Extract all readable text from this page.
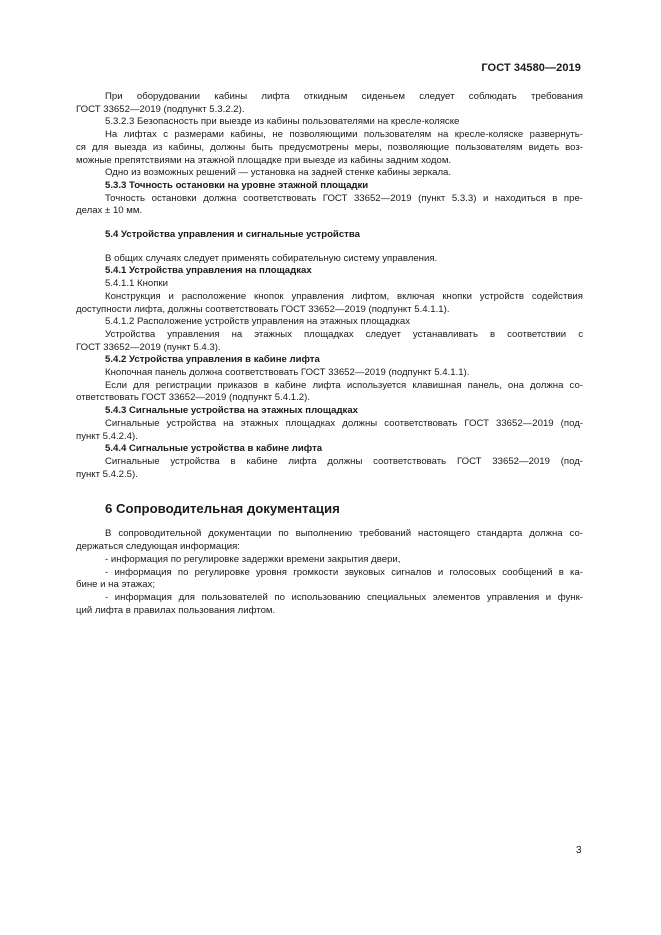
ГОСТ 34580—2019
При оборудовании кабины лифта откидным сиденьем следует соблюдать требования
ГОСТ 33652—2019 (подпункт 5.3.2.2).
5.3.2.3 Безопасность при выезде из кабины пользователями на кресле-коляске
На лифтах с размерами кабины, не позволяющими пользователям на кресле-коляске развернуть-
ся для выезда из кабины, должны быть предусмотрены меры, позволяющие пользователям видеть воз-
можные препятствиями на этажной площадке при выезде из кабины задним ходом.
Одно из возможных решений — установка на задней стенке кабины зеркала.
5.3.3 Точность остановки на уровне этажной площадки
Точность остановки должна соответствовать ГОСТ 33652—2019 (пункт 5.3.3) и находиться в пре-
делах ± 10 мм.
5.4 Устройства управления и сигнальные устройства
В общих случаях следует применять собирательную систему управления.
5.4.1 Устройства управления на площадках
5.4.1.1 Кнопки
Конструкция и расположение кнопок управления лифтом, включая кнопки устройств содействия
доступности лифта, должны соответствовать ГОСТ 33652—2019 (подпункт 5.4.1.1).
5.4.1.2 Расположение устройств управления на этажных площадках
Устройства управления на этажных площадках следует устанавливать в соответствии с
ГОСТ 33652—2019 (пункт 5.4.3).
5.4.2 Устройства управления в кабине лифта
Кнопочная панель должна соответствовать ГОСТ 33652—2019 (подпункт 5.4.1.1).
Если для регистрации приказов в кабине лифта используется клавишная панель, она должна со-
ответствовать ГОСТ 33652—2019 (подпункт 5.4.1.2).
5.4.3 Сигнальные устройства на этажных площадках
Сигнальные устройства на этажных площадках должны соответствовать ГОСТ 33652—2019 (под-
пункт 5.4.2.4).
5.4.4 Сигнальные устройства в кабине лифта
Сигнальные устройства в кабине лифта должны соответствовать ГОСТ 33652—2019 (под-
пункт 5.4.2.5).
6 Сопроводительная документация
В сопроводительной документации по выполнению требований настоящего стандарта должна со-
держаться следующая информация:
- информация по регулировке задержки времени закрытия двери,
- информация по регулировке уровня громкости звуковых сигналов и голосовых сообщений в ка-
бине и на этажах;
- информация для пользователей по использованию специальных элементов управления и функ-
ций лифта в правилах пользования лифтом.
3
